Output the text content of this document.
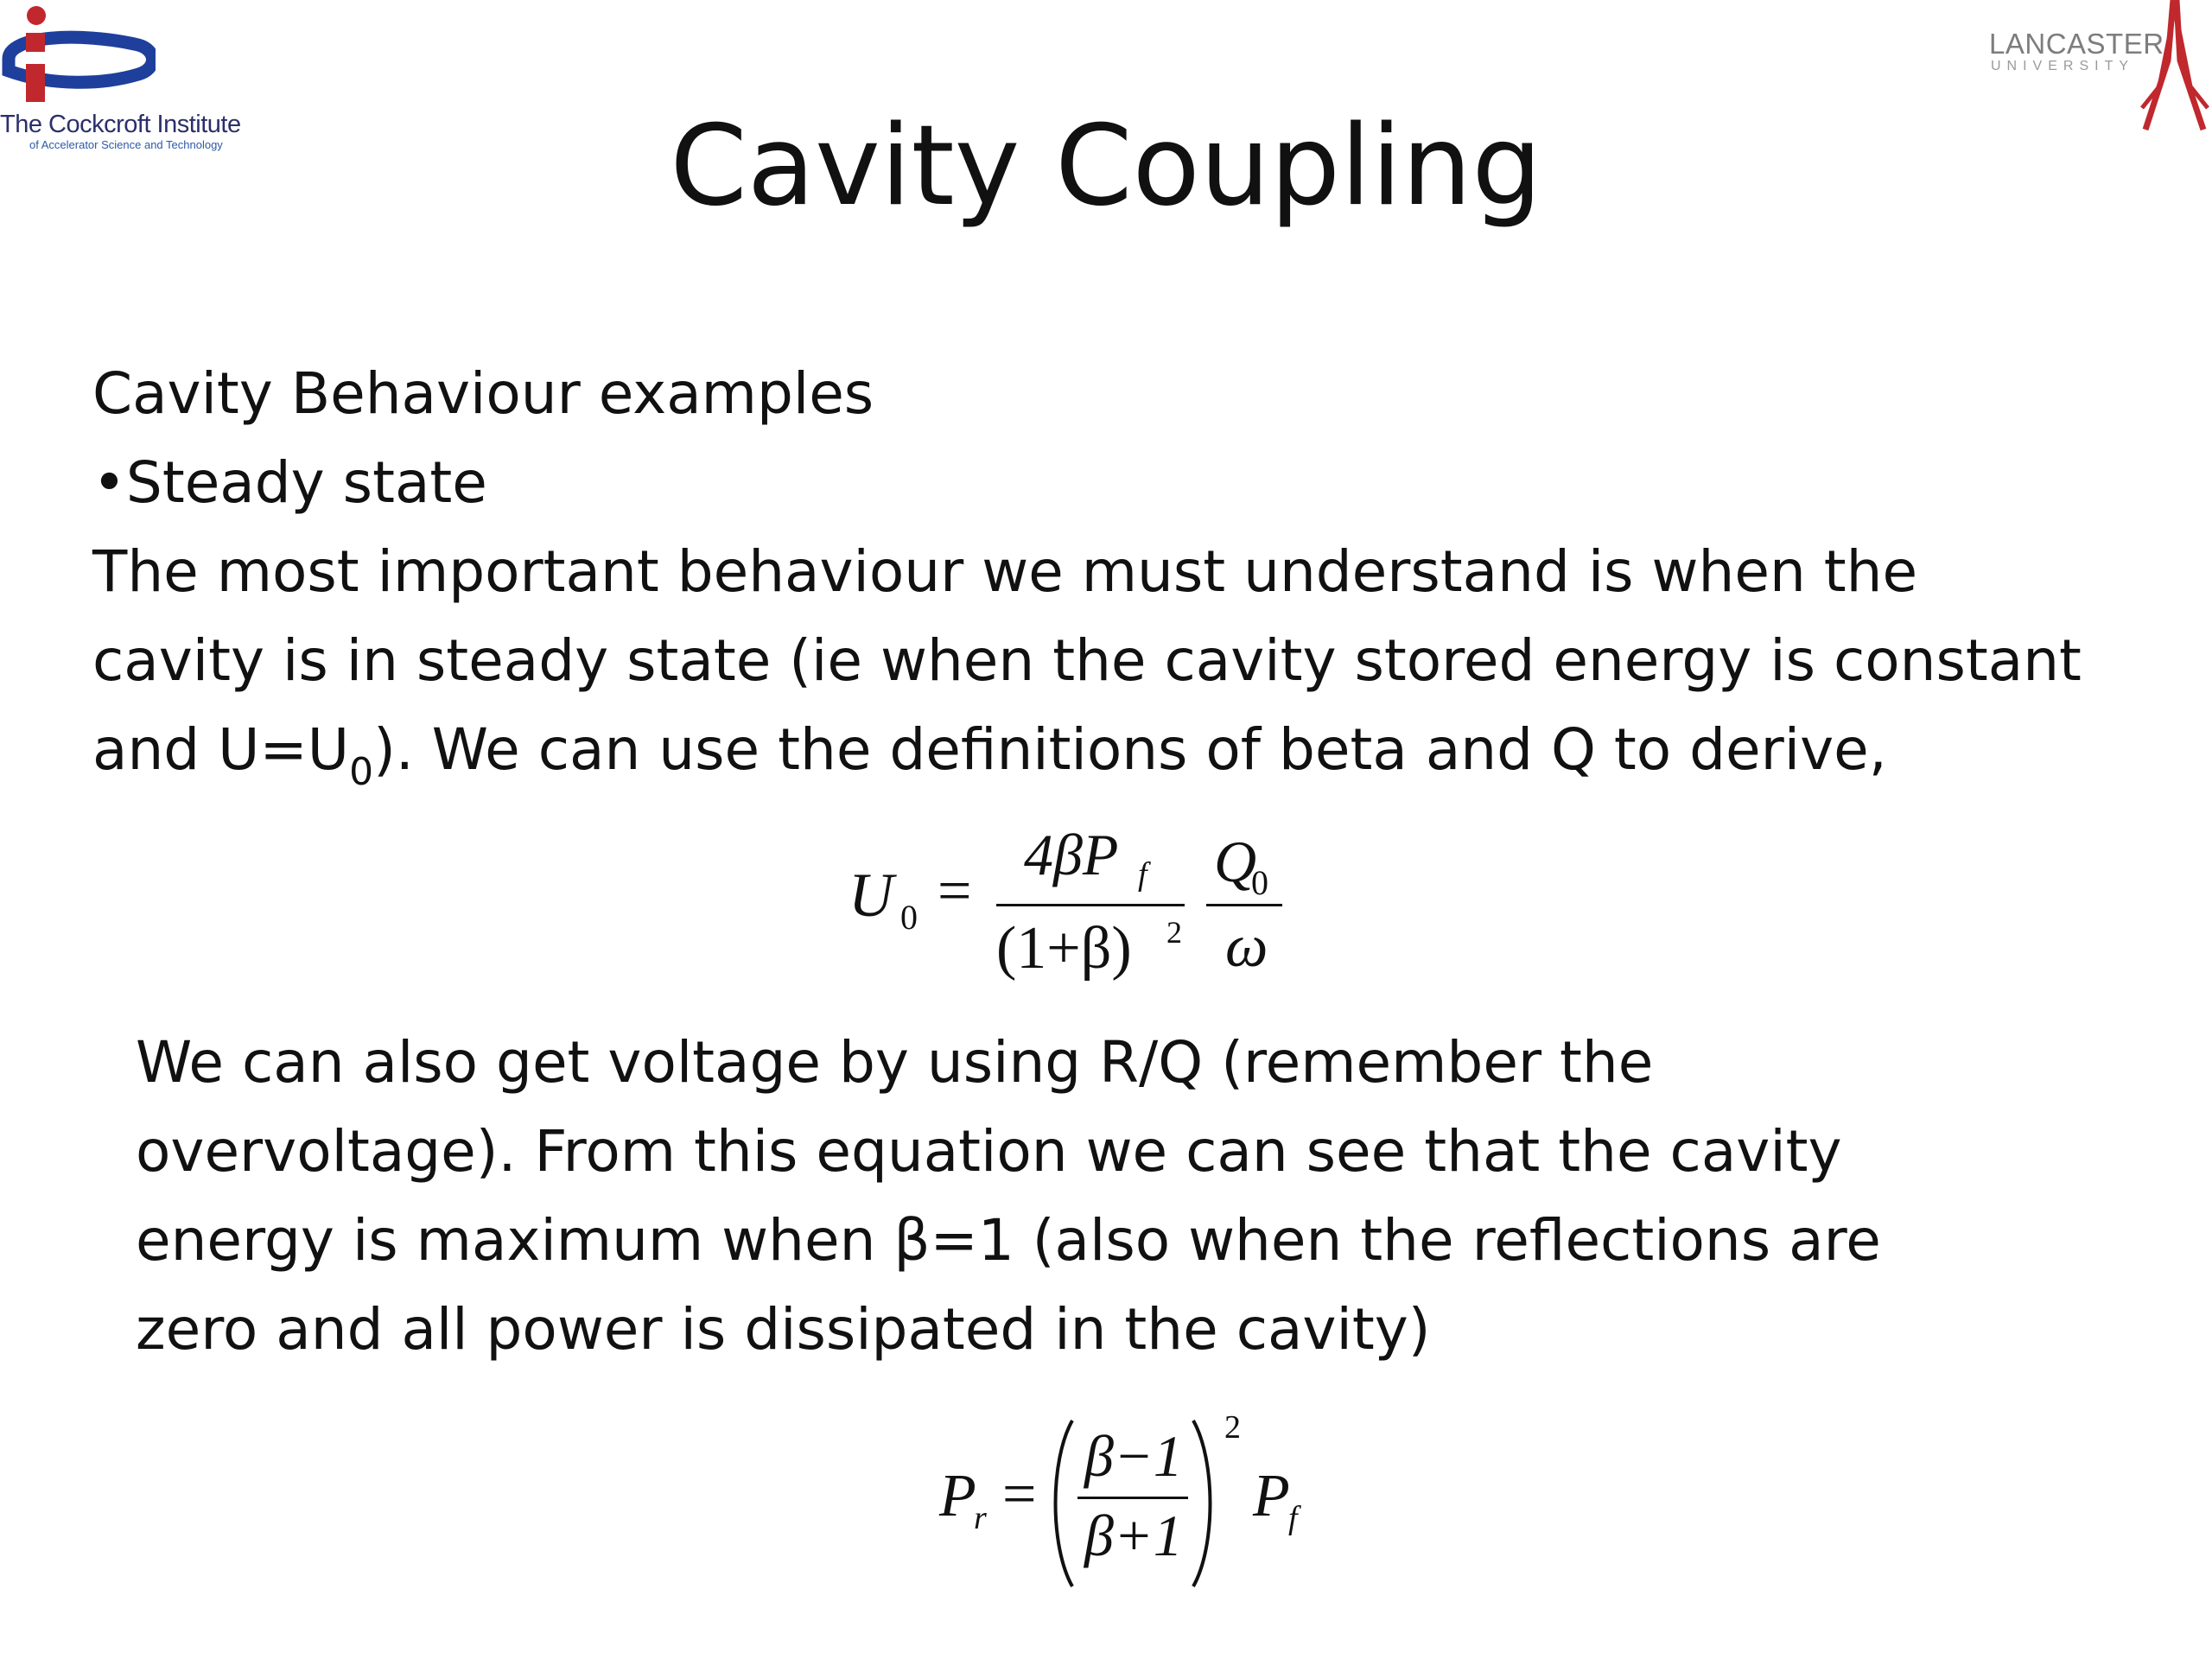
The Cockcroft Institute
of Accelerator Science and Technology
LANCASTER
UNIVERSITY
Cavity Coupling
Cavity Behaviour examples
•Steady state
The most important behaviour we must understand is when the
cavity is in steady state (ie when the cavity stored energy is constant
and $U=U_0$). We can use the definitions of beta and Q to derive,
U 0 =
4βP f
(1+β) 2
Q
0
ω
We can also get voltage by using R/Q (remember the
overvoltage). From this equation we can see that the cavity
energy is maximum when β=1 (also when the reflections are
zero and all power is dissipated in the cavity)
P
r =
β−1
β+1
2
P
f
